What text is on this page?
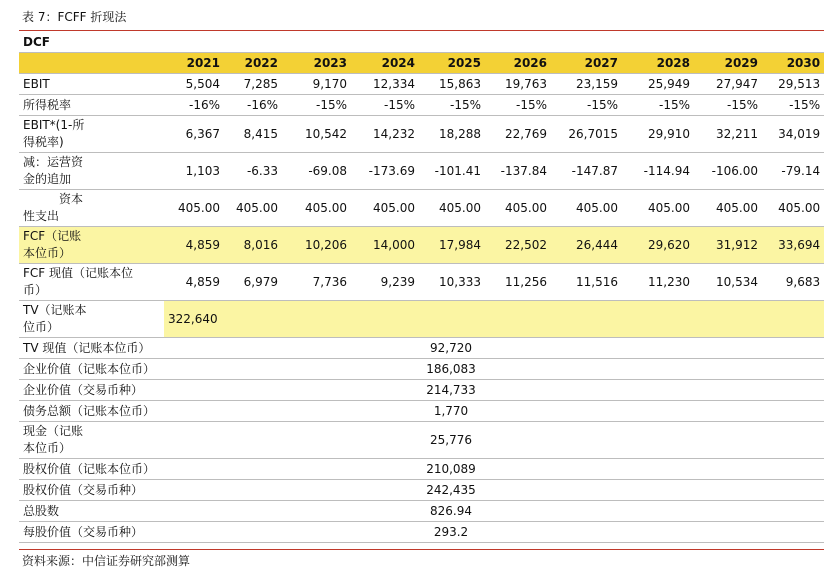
表 7：FCFF 折现法
DCF										
	2021	2022	2023	2024	2025	2026	2027	2028	2029	2030
EBIT	5,504	7,285	9,170	12,334	15,863	19,763	23,159	25,949	27,947	29,513
所得税率	-16%	-16%	-15%	-15%	-15%	-15%	-15%	-15%	-15%	-15%

EBIT*(1-所
得税率)	6,367	8,415	10,542	14,232	18,288	22,769	26,7015	29,910	32,211	34,019

减：运营资
金的追加	1,103	-6.33	-69.08	-173.69	-101.41	-137.84	-147.87	-114.94	-106.00	-79.14

资本
性支出	405.00	405.00	405.00	405.00	405.00	405.00	405.00	405.00	405.00	405.00

FCF（记账
本位币）	4,859	8,016	10,206	14,000	17,984	22,502	26,444	29,620	31,912	33,694

FCF 现值（记账本位
币）	4,859	6,979	7,736	9,239	10,333	11,256	11,516	11,230	10,534	9,683

TV（记账本
位币）	322,640									
TV 现值（记账本位币）				92,720						
企业价值（记账本位币）				186,083						
企业价值（交易币种）				214,733						
债务总额（记账本位币）				1,770						

现金（记账
本位币）				25,776						
股权价值（记账本位币）				210,089						
股权价值（交易币种）				242,435						
总股数				826.94						
每股价值（交易币种）				293.2						
资料来源：中信证券研究部测算
